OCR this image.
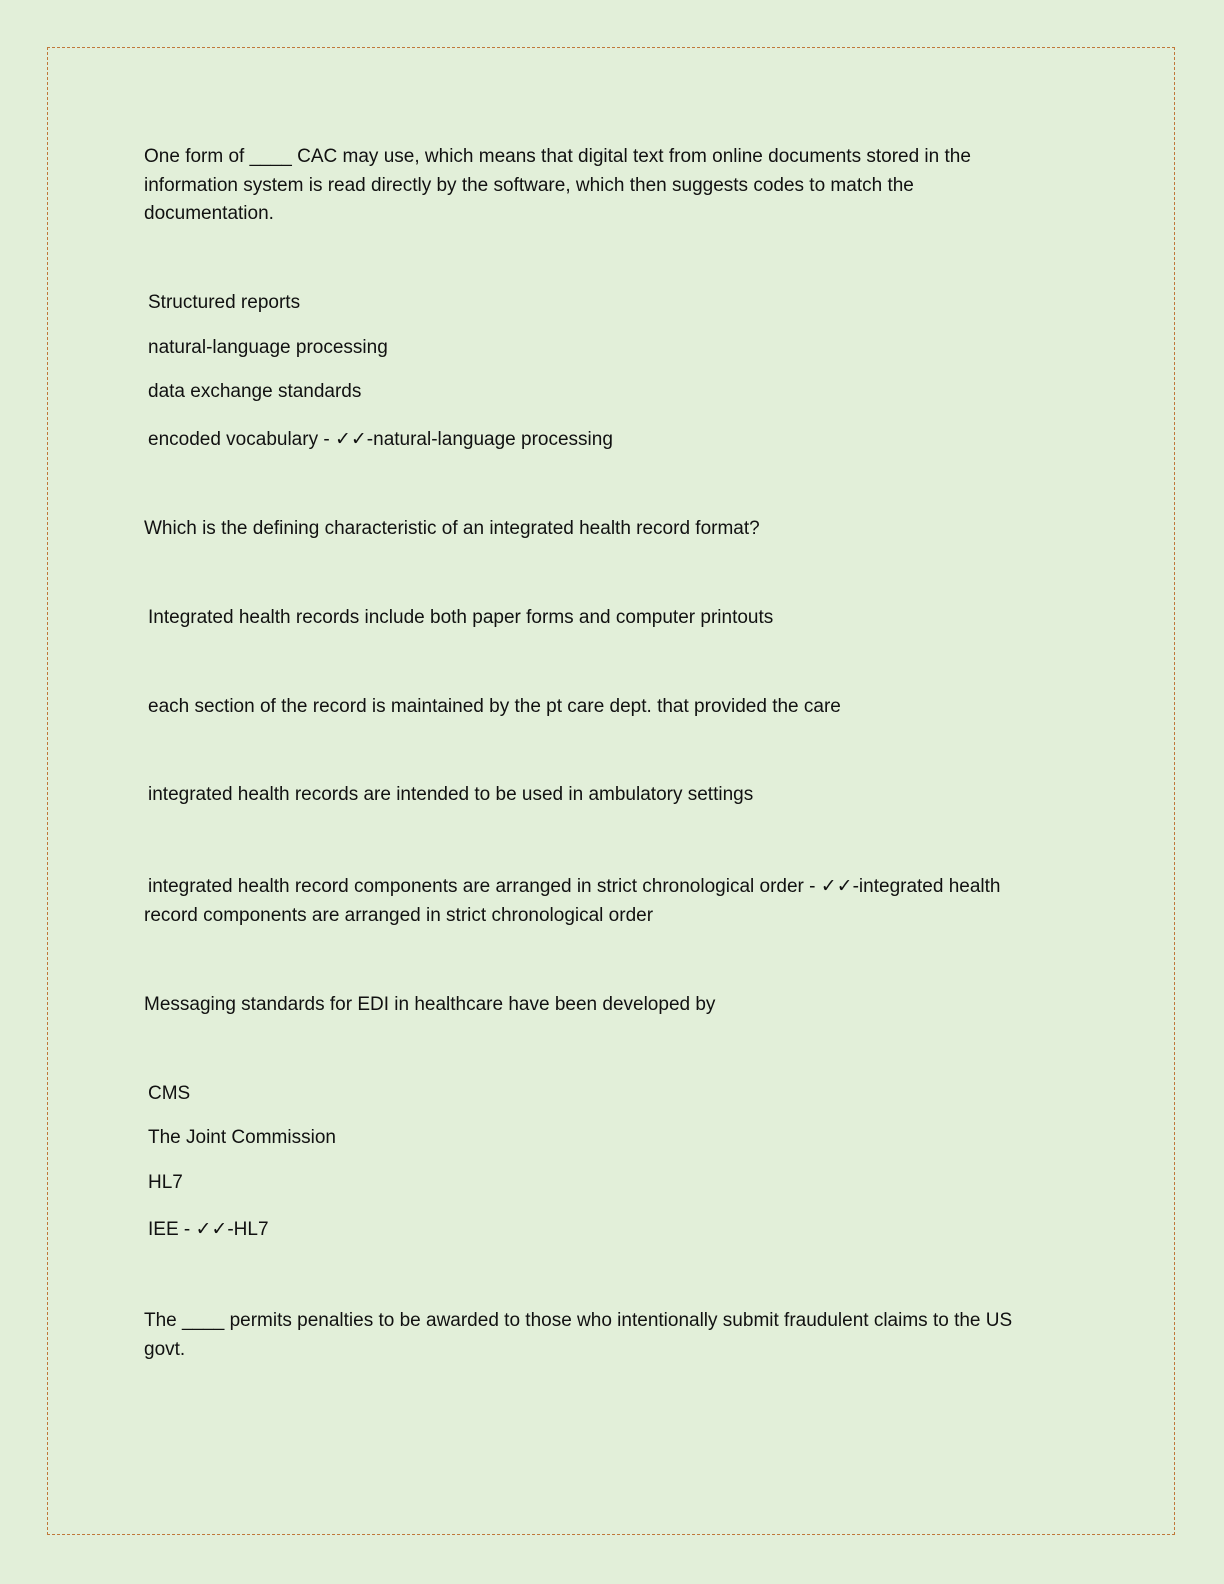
One form of ____ CAC may use, which means that digital text from online documents stored in the
information system is read directly by the software, which then suggests codes to match the
documentation.
Structured reports
natural-language processing
data exchange standards
encoded vocabulary - ✓✓-natural-language processing
Which is the defining characteristic of an integrated health record format?
Integrated health records include both paper forms and computer printouts
each section of the record is maintained by the pt care dept. that provided the care
integrated health records are intended to be used in ambulatory settings
integrated health record components are arranged in strict chronological order - ✓✓-integrated health
record components are arranged in strict chronological order
Messaging standards for EDI in healthcare have been developed by
CMS
The Joint Commission
HL7
IEE - ✓✓-HL7
The ____ permits penalties to be awarded to those who intentionally submit fraudulent claims to the US
govt.
